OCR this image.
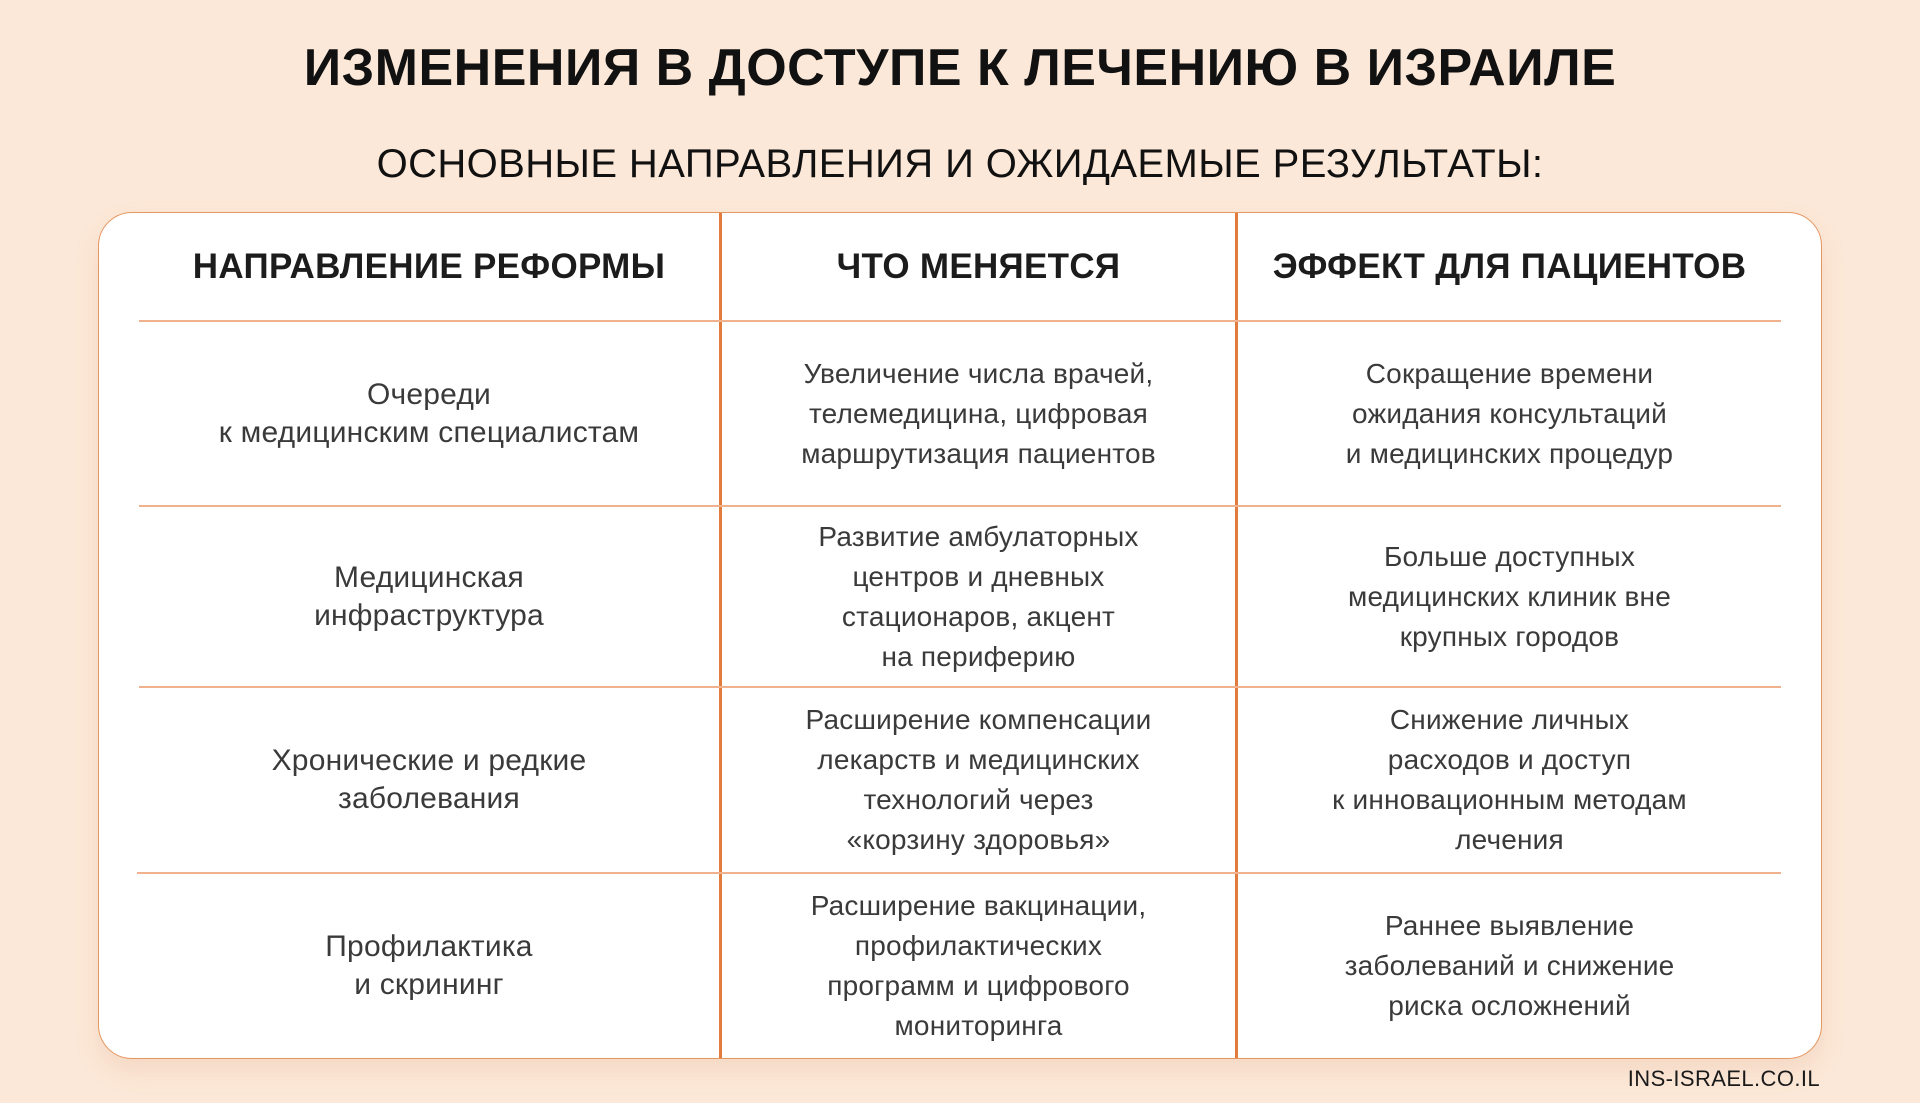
ИЗМЕНЕНИЯ В ДОСТУПЕ К ЛЕЧЕНИЮ В ИЗРАИЛЕ
ОСНОВНЫЕ НАПРАВЛЕНИЯ И ОЖИДАЕМЫЕ РЕЗУЛЬТАТЫ:
НАПРАВЛЕНИЕ РЕФОРМЫ	ЧТО МЕНЯЕТСЯ	ЭФФЕКТ ДЛЯ ПАЦИЕНТОВ
Очереди
к медицинским специалистам
Увеличение числа врачей,
телемедицина, цифровая
маршрутизация пациентов
Сокращение времени
ожидания консультаций
и медицинских процедур
Медицинская
инфраструктура
Развитие амбулаторных
центров и дневных
стационаров, акцент
на периферию
Больше доступных
медицинских клиник вне
крупных городов
Хронические и редкие
заболевания
Расширение компенсации
лекарств и медицинских
технологий через
«корзину здоровья»
Снижение личных
расходов и доступ
к инновационным методам
лечения
Профилактика
и скрининг
Расширение вакцинации,
профилактических
программ и цифрового
мониторинга
Раннее выявление
заболеваний и снижение
риска осложнений
INS-ISRAEL.CO.IL
